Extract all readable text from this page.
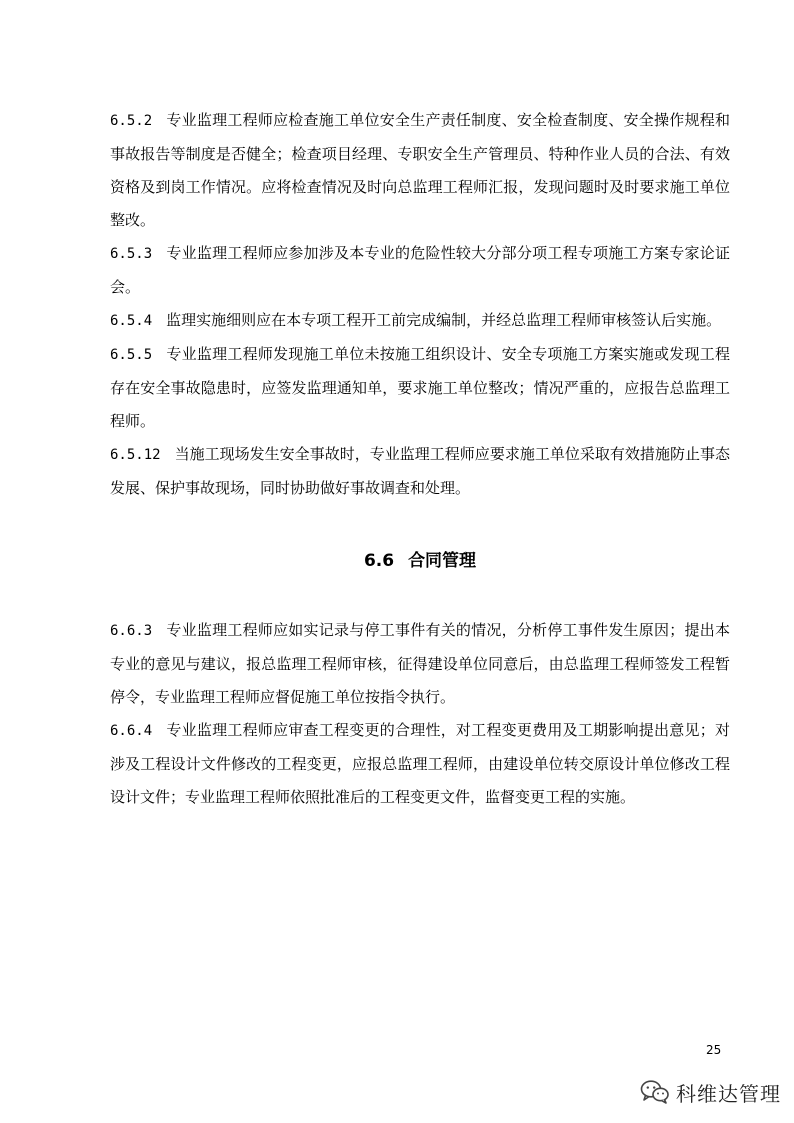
6.5.2 专业监理工程师应检查施工单位安全生产责任制度、安全检查制度、安全操作规程和事故报告等制度是否健全；检查项目经理、专职安全生产管理员、特种作业人员的合法、有效资格及到岗工作情况。应将检查情况及时向总监理工程师汇报，发现问题时及时要求施工单位整改。

6.5.3 专业监理工程师应参加涉及本专业的危险性较大分部分项工程专项施工方案专家论证会。

6.5.4 监理实施细则应在本专项工程开工前完成编制，并经总监理工程师审核签认后实施。

6.5.5 专业监理工程师发现施工单位未按施工组织设计、安全专项施工方案实施或发现工程存在安全事故隐患时，应签发监理通知单，要求施工单位整改；情况严重的，应报告总监理工程师。

6.5.12 当施工现场发生安全事故时，专业监理工程师应要求施工单位采取有效措施防止事态发展、保护事故现场，同时协助做好事故调查和处理。

6.6 合同管理

6.6.3 专业监理工程师应如实记录与停工事件有关的情况，分析停工事件发生原因；提出本专业的意见与建议，报总监理工程师审核，征得建设单位同意后，由总监理工程师签发工程暂停令，专业监理工程师应督促施工单位按指令执行。

6.6.4 专业监理工程师应审查工程变更的合理性，对工程变更费用及工期影响提出意见；对涉及工程设计文件修改的工程变更，应报总监理工程师，由建设单位转交原设计单位修改工程设计文件；专业监理工程师依照批准后的工程变更文件，监督变更工程的实施。

25
科维达管理
